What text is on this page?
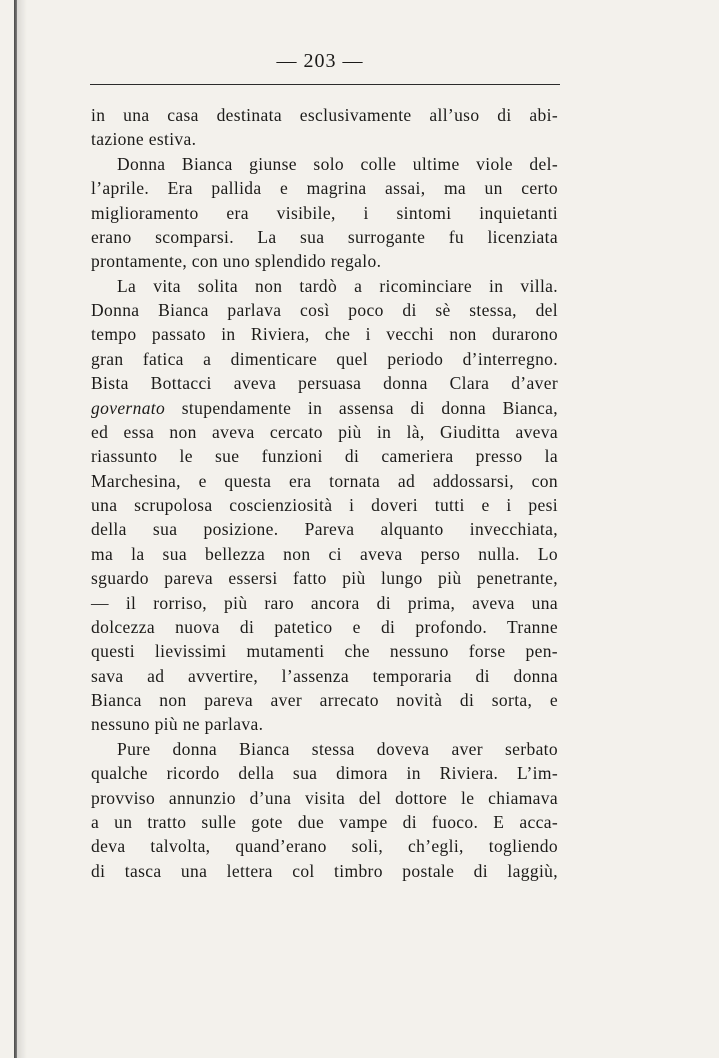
— 203 —
in una casa destinata esclusivamente all’uso di abi-
tazione estiva.
Donna Bianca giunse solo colle ultime viole del-
l’aprile. Era pallida e magrina assai, ma un certo
miglioramento era visibile, i sintomi inquietanti
erano scomparsi. La sua surrogante fu licenziata
prontamente, con uno splendido regalo.
La vita solita non tardò a ricominciare in villa.
Donna Bianca parlava così poco di sè stessa, del
tempo passato in Riviera, che i vecchi non durarono
gran fatica a dimenticare quel periodo d’interregno.
Bista Bottacci aveva persuasa donna Clara d’aver
governato stupendamente in assensa di donna Bianca,
ed essa non aveva cercato più in là, Giuditta aveva
riassunto le sue funzioni di cameriera presso la
Marchesina, e questa era tornata ad addossarsi, con
una scrupolosa coscienziosità i doveri tutti e i pesi
della sua posizione. Pareva alquanto invecchiata,
ma la sua bellezza non ci aveva perso nulla. Lo
sguardo pareva essersi fatto più lungo più penetrante,
— il rorriso, più raro ancora di prima, aveva una
dolcezza nuova di patetico e di profondo. Tranne
questi lievissimi mutamenti che nessuno forse pen-
sava ad avvertire, l’assenza temporaria di donna
Bianca non pareva aver arrecato novità di sorta, e
nessuno più ne parlava.
Pure donna Bianca stessa doveva aver serbato
qualche ricordo della sua dimora in Riviera. L’im-
provviso annunzio d’una visita del dottore le chiamava
a un tratto sulle gote due vampe di fuoco. E acca-
deva talvolta, quand’erano soli, ch’egli, togliendo
di tasca una lettera col timbro postale di laggiù,
